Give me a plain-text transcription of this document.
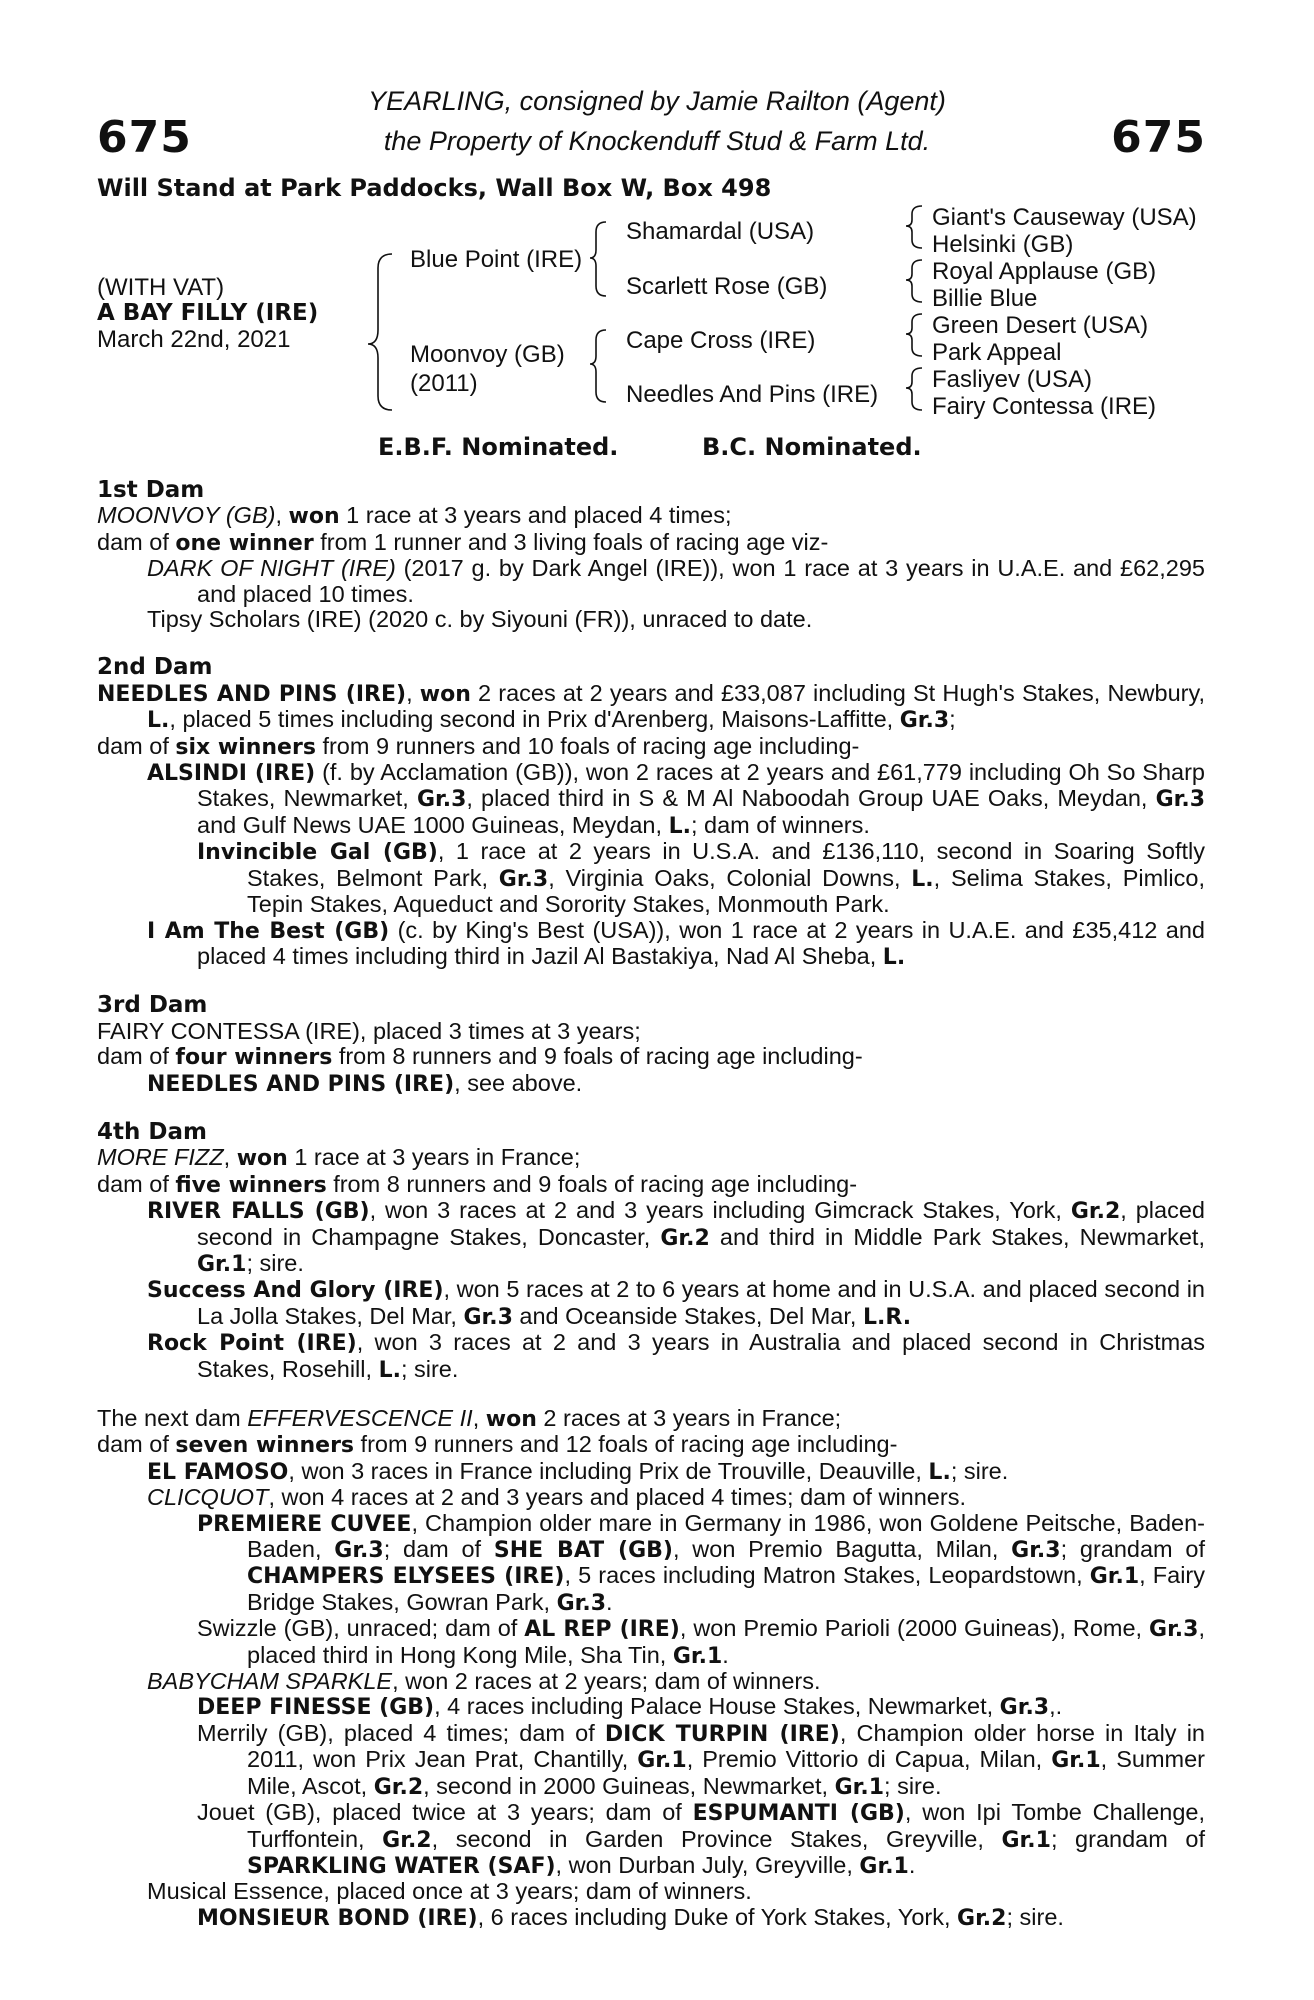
675	675
YEARLING, consigned by Jamie Railton (Agent)
the Property of Knockenduff Stud & Farm Ltd.
Will Stand at Park Paddocks, Wall Box W, Box 498
(WITH VAT)
A BAY FILLY (IRE)
March 22nd, 2021
Blue Point (IRE)
Moonvoy (GB)
(2011)
Shamardal (USA)
Scarlett Rose (GB)
Cape Cross (IRE)
Needles And Pins (IRE)
Giant's Causeway (USA)
Helsinki (GB)
Royal Applause (GB)
Billie Blue
Green Desert (USA)
Park Appeal
Fasliyev (USA)
Fairy Contessa (IRE)
E.B.F. Nominated.	B.C. Nominated.
1st Dam
MOONVOY (GB), won 1 race at 3 years and placed 4 times;
dam of one winner from 1 runner and 3 living foals of racing age viz-
DARK OF NIGHT (IRE) (2017 g. by Dark Angel (IRE)), won 1 race at 3 years in U.A.E. and £62,295 and placed 10 times.
Tipsy Scholars (IRE) (2020 c. by Siyouni (FR)), unraced to date.
2nd Dam
NEEDLES AND PINS (IRE), won 2 races at 2 years and £33,087 including St Hugh's Stakes, Newbury, L., placed 5 times including second in Prix d'Arenberg, Maisons-Laffitte, Gr.3;
dam of six winners from 9 runners and 10 foals of racing age including-
ALSINDI (IRE) (f. by Acclamation (GB)), won 2 races at 2 years and £61,779 including Oh So Sharp Stakes, Newmarket, Gr.3, placed third in S & M Al Naboodah Group UAE Oaks, Meydan, Gr.3 and Gulf News UAE 1000 Guineas, Meydan, L.; dam of winners.
Invincible Gal (GB), 1 race at 2 years in U.S.A. and £136,110, second in Soaring Softly Stakes, Belmont Park, Gr.3, Virginia Oaks, Colonial Downs, L., Selima Stakes, Pimlico, Tepin Stakes, Aqueduct and Sorority Stakes, Monmouth Park.
I Am The Best (GB) (c. by King's Best (USA)), won 1 race at 2 years in U.A.E. and £35,412 and placed 4 times including third in Jazil Al Bastakiya, Nad Al Sheba, L.
3rd Dam
FAIRY CONTESSA (IRE), placed 3 times at 3 years;
dam of four winners from 8 runners and 9 foals of racing age including-
NEEDLES AND PINS (IRE), see above.
4th Dam
MORE FIZZ, won 1 race at 3 years in France;
dam of five winners from 8 runners and 9 foals of racing age including-
RIVER FALLS (GB), won 3 races at 2 and 3 years including Gimcrack Stakes, York, Gr.2, placed second in Champagne Stakes, Doncaster, Gr.2 and third in Middle Park Stakes, Newmarket, Gr.1; sire.
Success And Glory (IRE), won 5 races at 2 to 6 years at home and in U.S.A. and placed second in La Jolla Stakes, Del Mar, Gr.3 and Oceanside Stakes, Del Mar, L.R.
Rock Point (IRE), won 3 races at 2 and 3 years in Australia and placed second in Christmas Stakes, Rosehill, L.; sire.
The next dam EFFERVESCENCE II, won 2 races at 3 years in France;
dam of seven winners from 9 runners and 12 foals of racing age including-
EL FAMOSO, won 3 races in France including Prix de Trouville, Deauville, L.; sire.
CLICQUOT, won 4 races at 2 and 3 years and placed 4 times; dam of winners.
PREMIERE CUVEE, Champion older mare in Germany in 1986, won Goldene Peitsche, Baden-Baden, Gr.3; dam of SHE BAT (GB), won Premio Bagutta, Milan, Gr.3; grandam of CHAMPERS ELYSEES (IRE), 5 races including Matron Stakes, Leopardstown, Gr.1, Fairy Bridge Stakes, Gowran Park, Gr.3.
Swizzle (GB), unraced; dam of AL REP (IRE), won Premio Parioli (2000 Guineas), Rome, Gr.3, placed third in Hong Kong Mile, Sha Tin, Gr.1.
BABYCHAM SPARKLE, won 2 races at 2 years; dam of winners.
DEEP FINESSE (GB), 4 races including Palace House Stakes, Newmarket, Gr.3,.
Merrily (GB), placed 4 times; dam of DICK TURPIN (IRE), Champion older horse in Italy in 2011, won Prix Jean Prat, Chantilly, Gr.1, Premio Vittorio di Capua, Milan, Gr.1, Summer Mile, Ascot, Gr.2, second in 2000 Guineas, Newmarket, Gr.1; sire.
Jouet (GB), placed twice at 3 years; dam of ESPUMANTI (GB), won Ipi Tombe Challenge, Turffontein, Gr.2, second in Garden Province Stakes, Greyville, Gr.1; grandam of SPARKLING WATER (SAF), won Durban July, Greyville, Gr.1.
Musical Essence, placed once at 3 years; dam of winners.
MONSIEUR BOND (IRE), 6 races including Duke of York Stakes, York, Gr.2; sire.
